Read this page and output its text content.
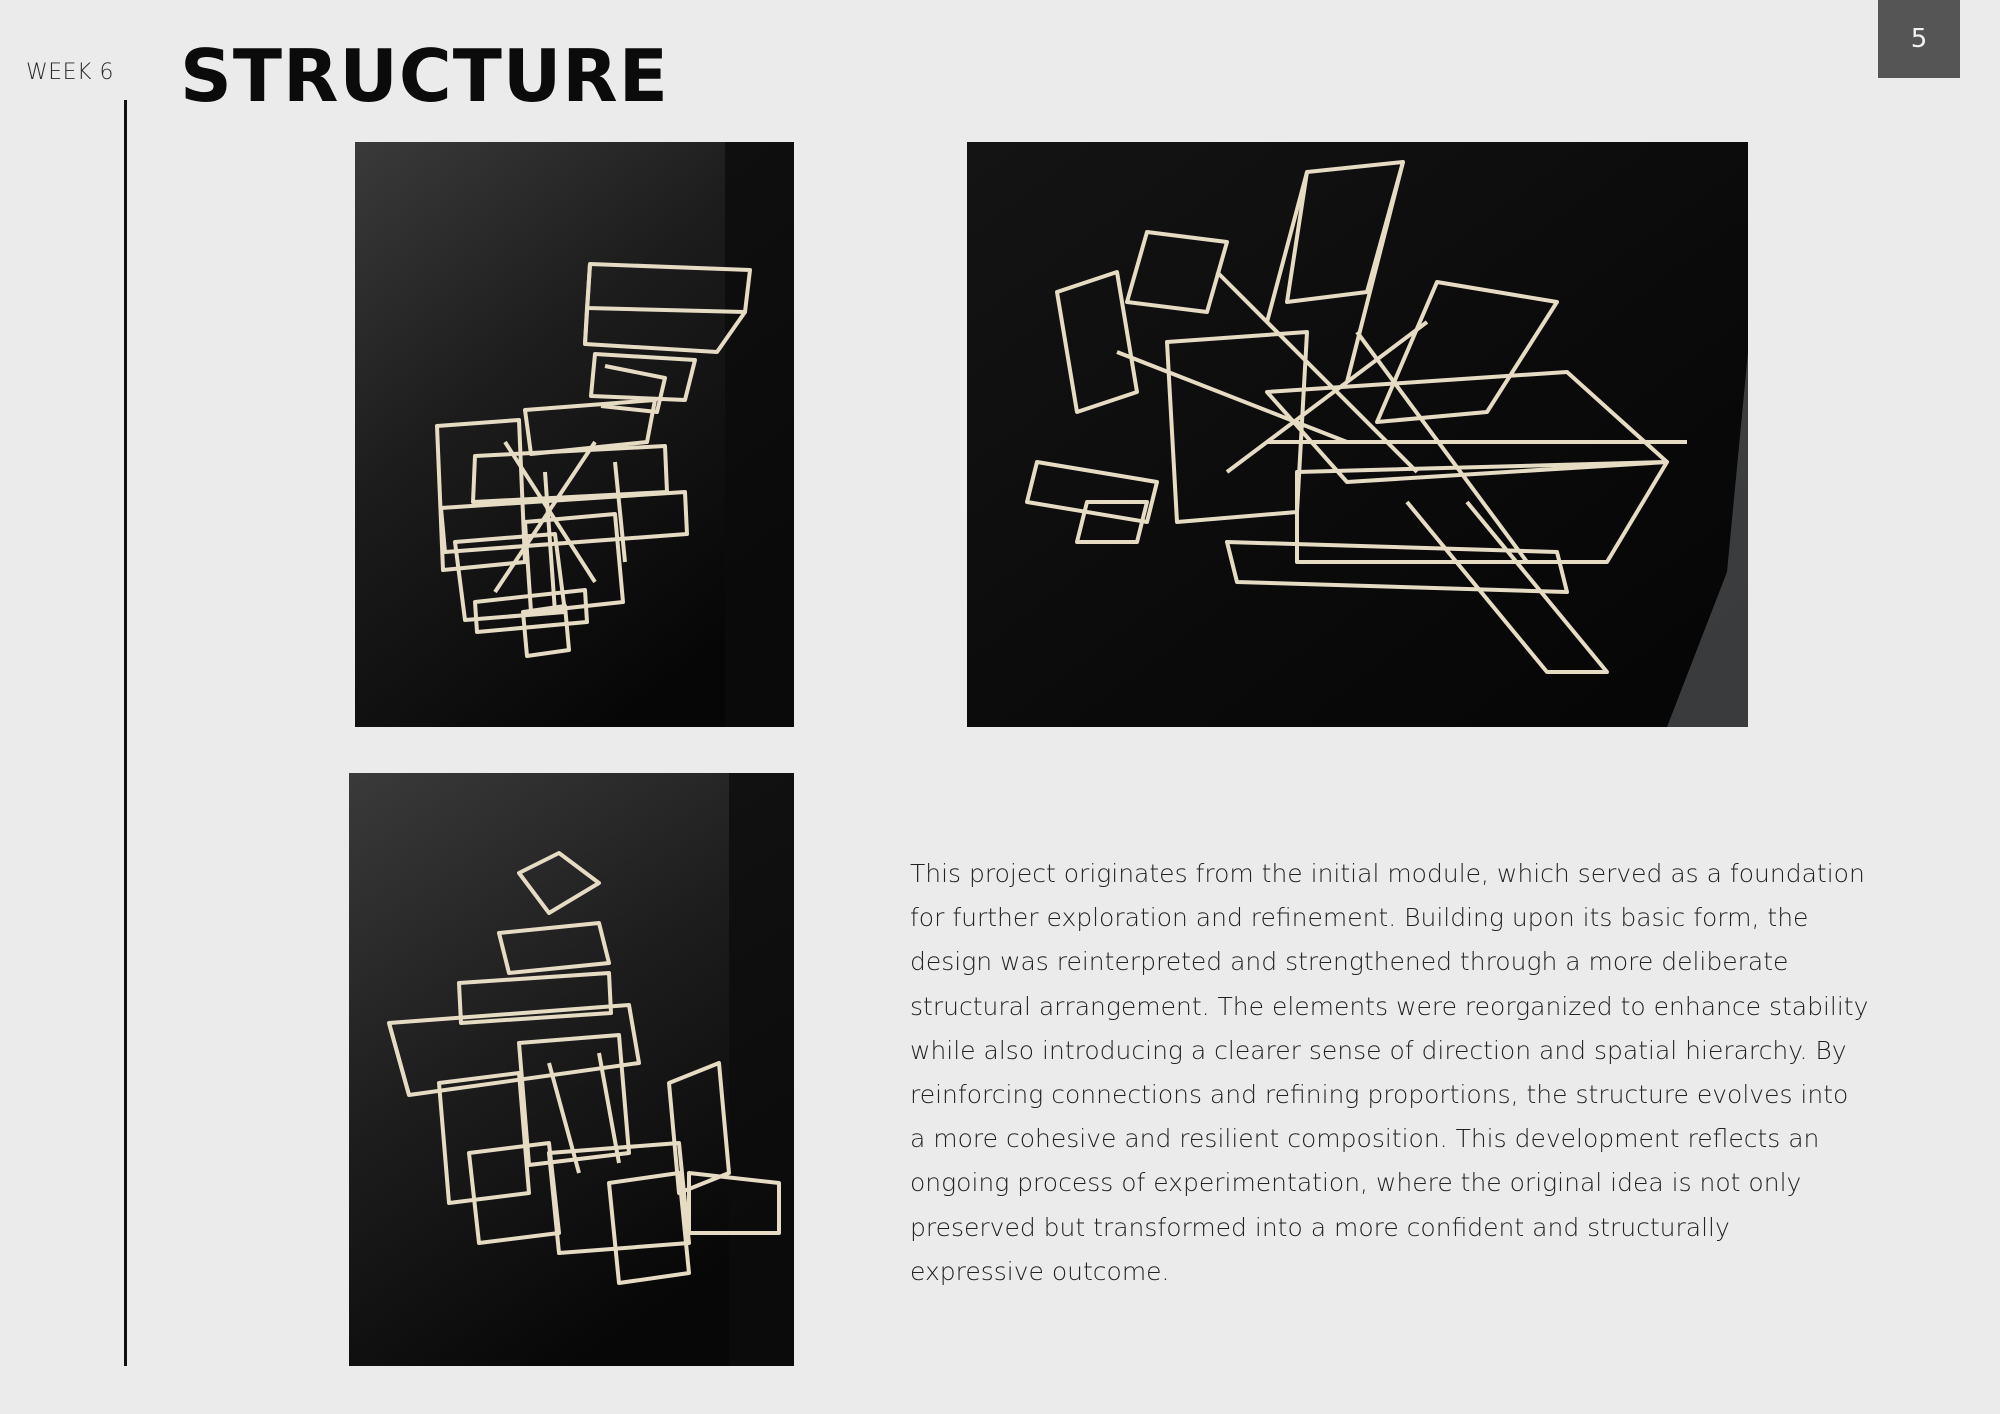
WEEK 6 STRUCTURE	5

This project originates from the initial module, which served as a foundation for further exploration and refinement. Building upon its basic form, the design was reinterpreted and strengthened through a more deliberate structural arrangement. The elements were reorganized to enhance stability while also introducing a clearer sense of direction and spatial hierarchy. By reinforcing connections and refining proportions, the structure evolves into a more cohesive and resilient composition. This development reflects an ongoing process of experimentation, where the original idea is not only preserved but transformed into a more confident and structurally expressive outcome.
